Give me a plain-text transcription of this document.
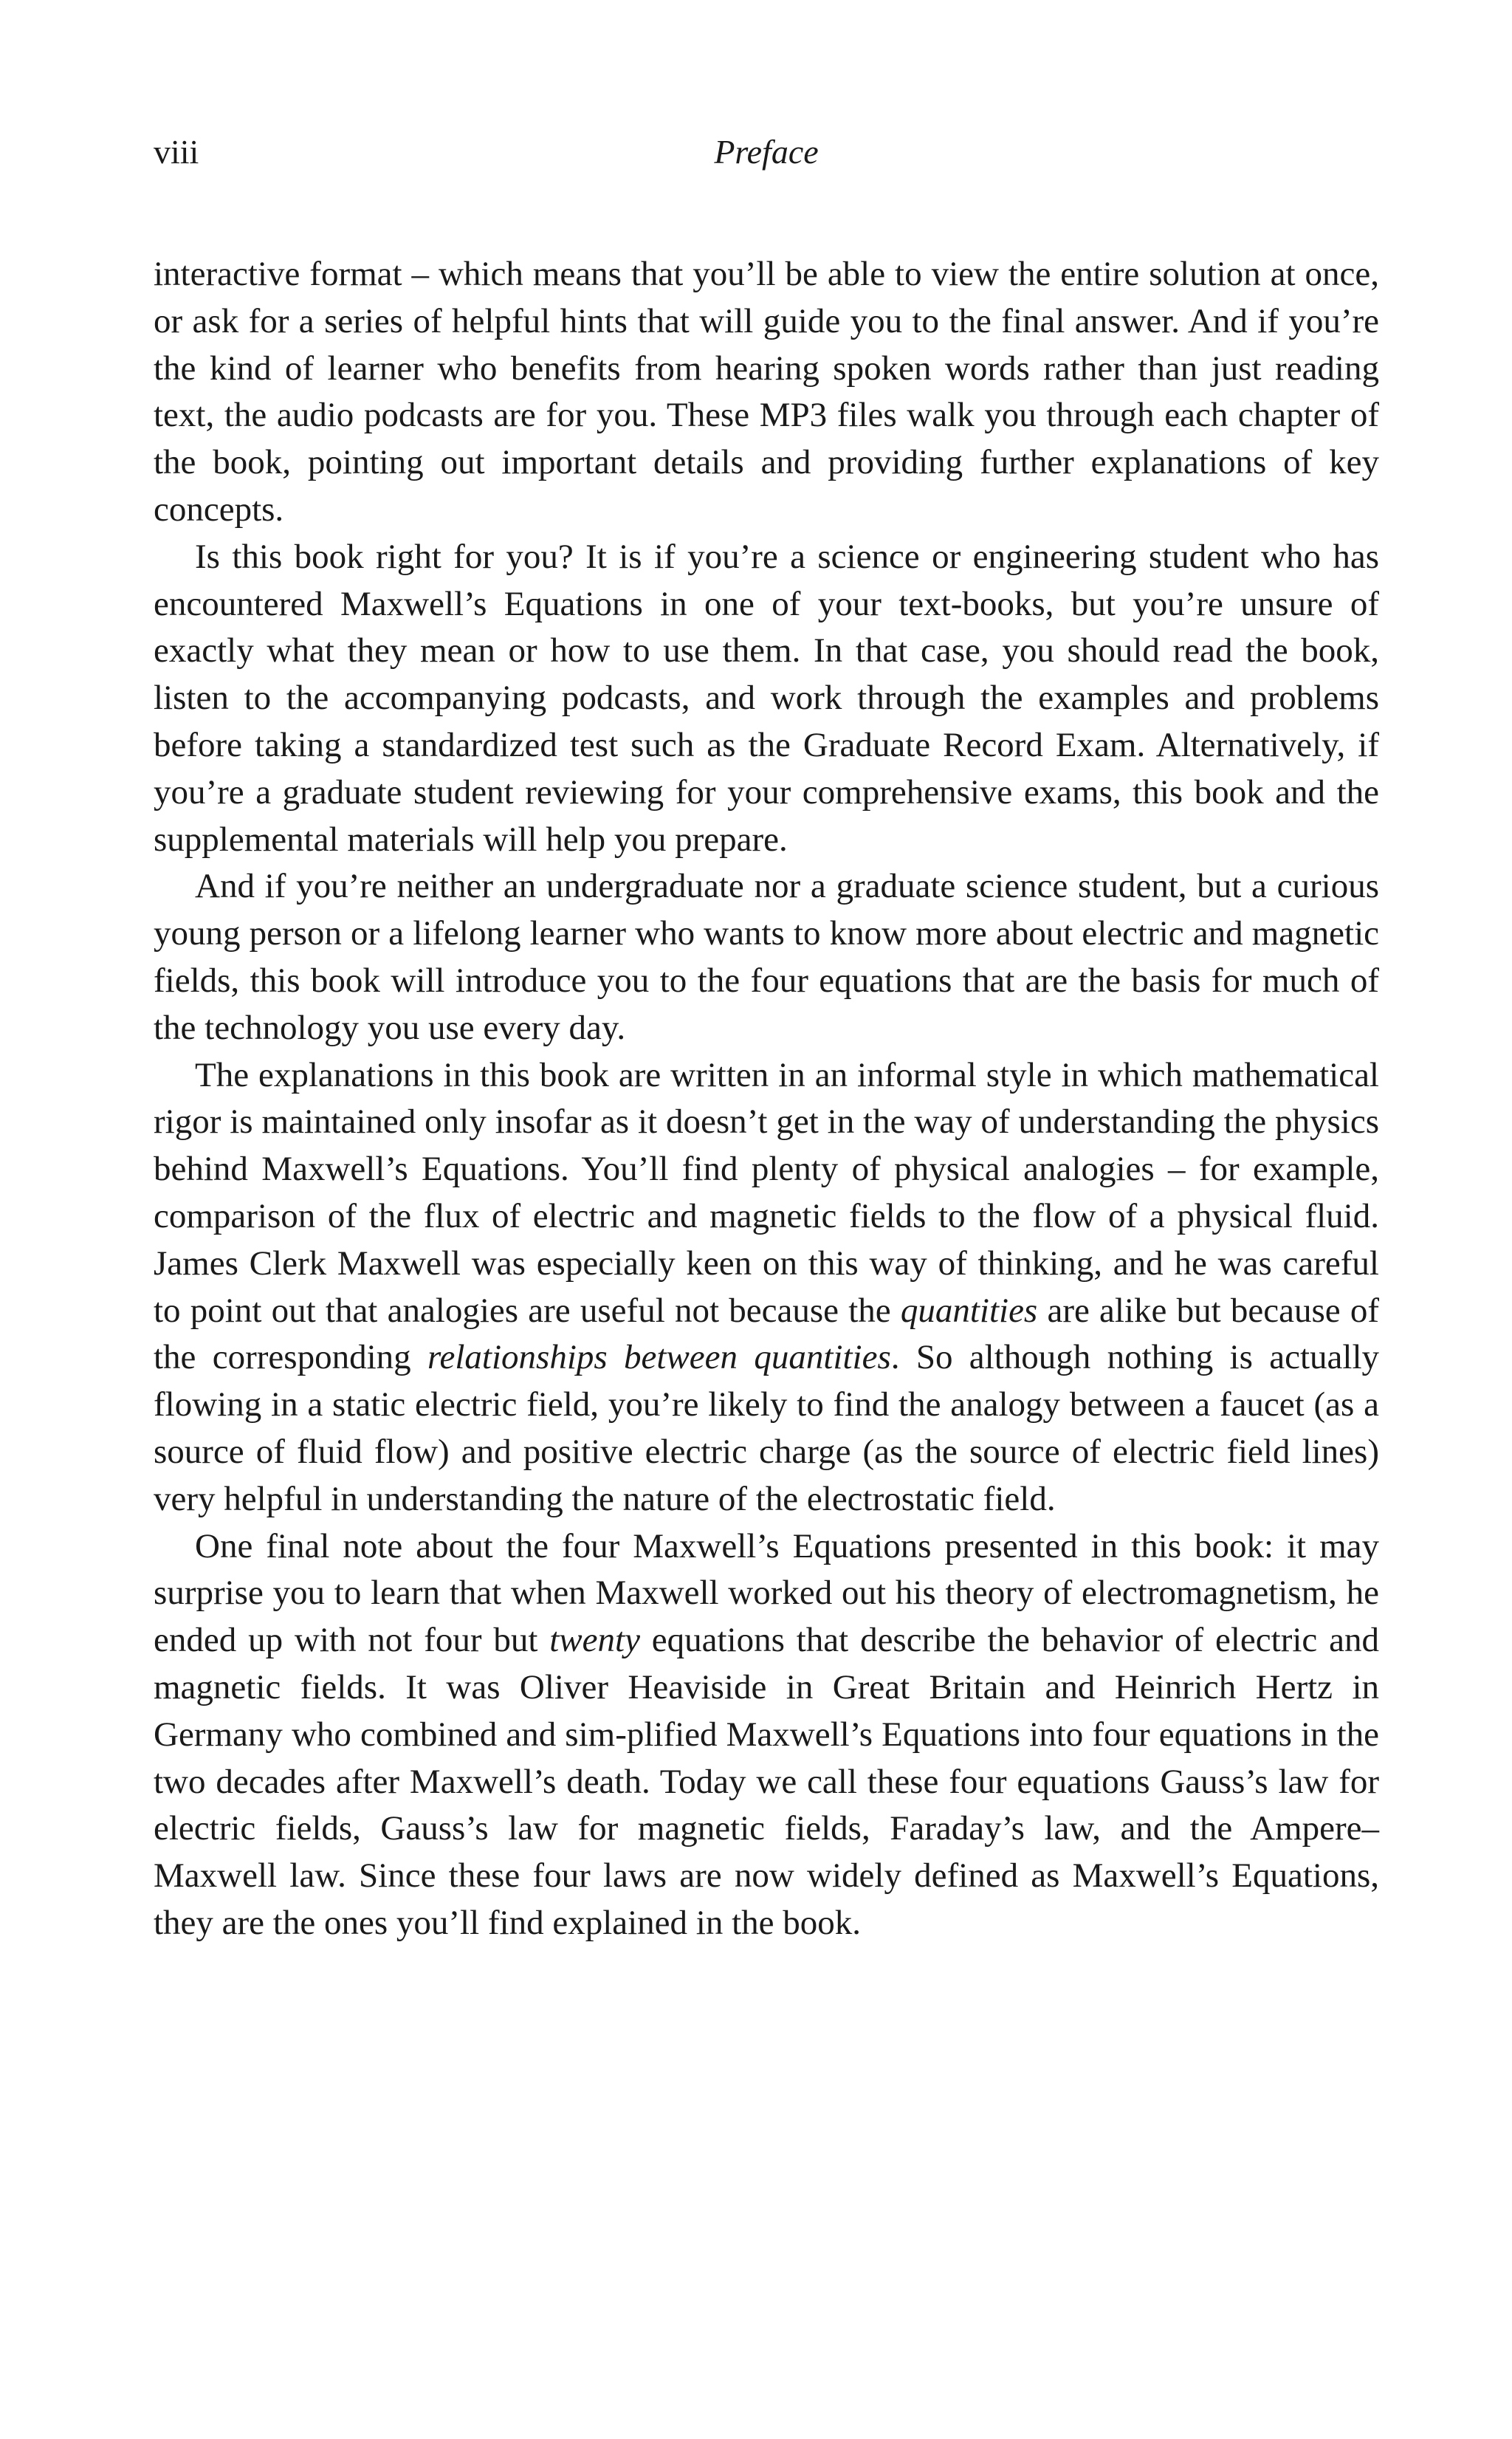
viii	Preface

interactive format – which means that you’ll be able to view the entire solution at once, or ask for a series of helpful hints that will guide you to the final answer. And if you’re the kind of learner who benefits from hearing spoken words rather than just reading text, the audio podcasts are for you. These MP3 files walk you through each chapter of the book, pointing out important details and providing further explanations of key concepts.

Is this book right for you? It is if you’re a science or engineering student who has encountered Maxwell’s Equations in one of your text-books, but you’re unsure of exactly what they mean or how to use them. In that case, you should read the book, listen to the accompanying podcasts, and work through the examples and problems before taking a standardized test such as the Graduate Record Exam. Alternatively, if you’re a graduate student reviewing for your comprehensive exams, this book and the supplemental materials will help you prepare.

And if you’re neither an undergraduate nor a graduate science student, but a curious young person or a lifelong learner who wants to know more about electric and magnetic fields, this book will introduce you to the four equations that are the basis for much of the technology you use every day.

The explanations in this book are written in an informal style in which mathematical rigor is maintained only insofar as it doesn’t get in the way of understanding the physics behind Maxwell’s Equations. You’ll find plenty of physical analogies – for example, comparison of the flux of electric and magnetic fields to the flow of a physical fluid. James Clerk Maxwell was especially keen on this way of thinking, and he was careful to point out that analogies are useful not because the quantities are alike but because of the corresponding relationships between quantities. So although nothing is actually flowing in a static electric field, you’re likely to find the analogy between a faucet (as a source of fluid flow) and positive electric charge (as the source of electric field lines) very helpful in understanding the nature of the electrostatic field.

One final note about the four Maxwell’s Equations presented in this book: it may surprise you to learn that when Maxwell worked out his theory of electromagnetism, he ended up with not four but twenty equations that describe the behavior of electric and magnetic fields. It was Oliver Heaviside in Great Britain and Heinrich Hertz in Germany who combined and sim-plified Maxwell’s Equations into four equations in the two decades after Maxwell’s death. Today we call these four equations Gauss’s law for electric fields, Gauss’s law for magnetic fields, Faraday’s law, and the Ampere–Maxwell law. Since these four laws are now widely defined as Maxwell’s Equations, they are the ones you’ll find explained in the book.
